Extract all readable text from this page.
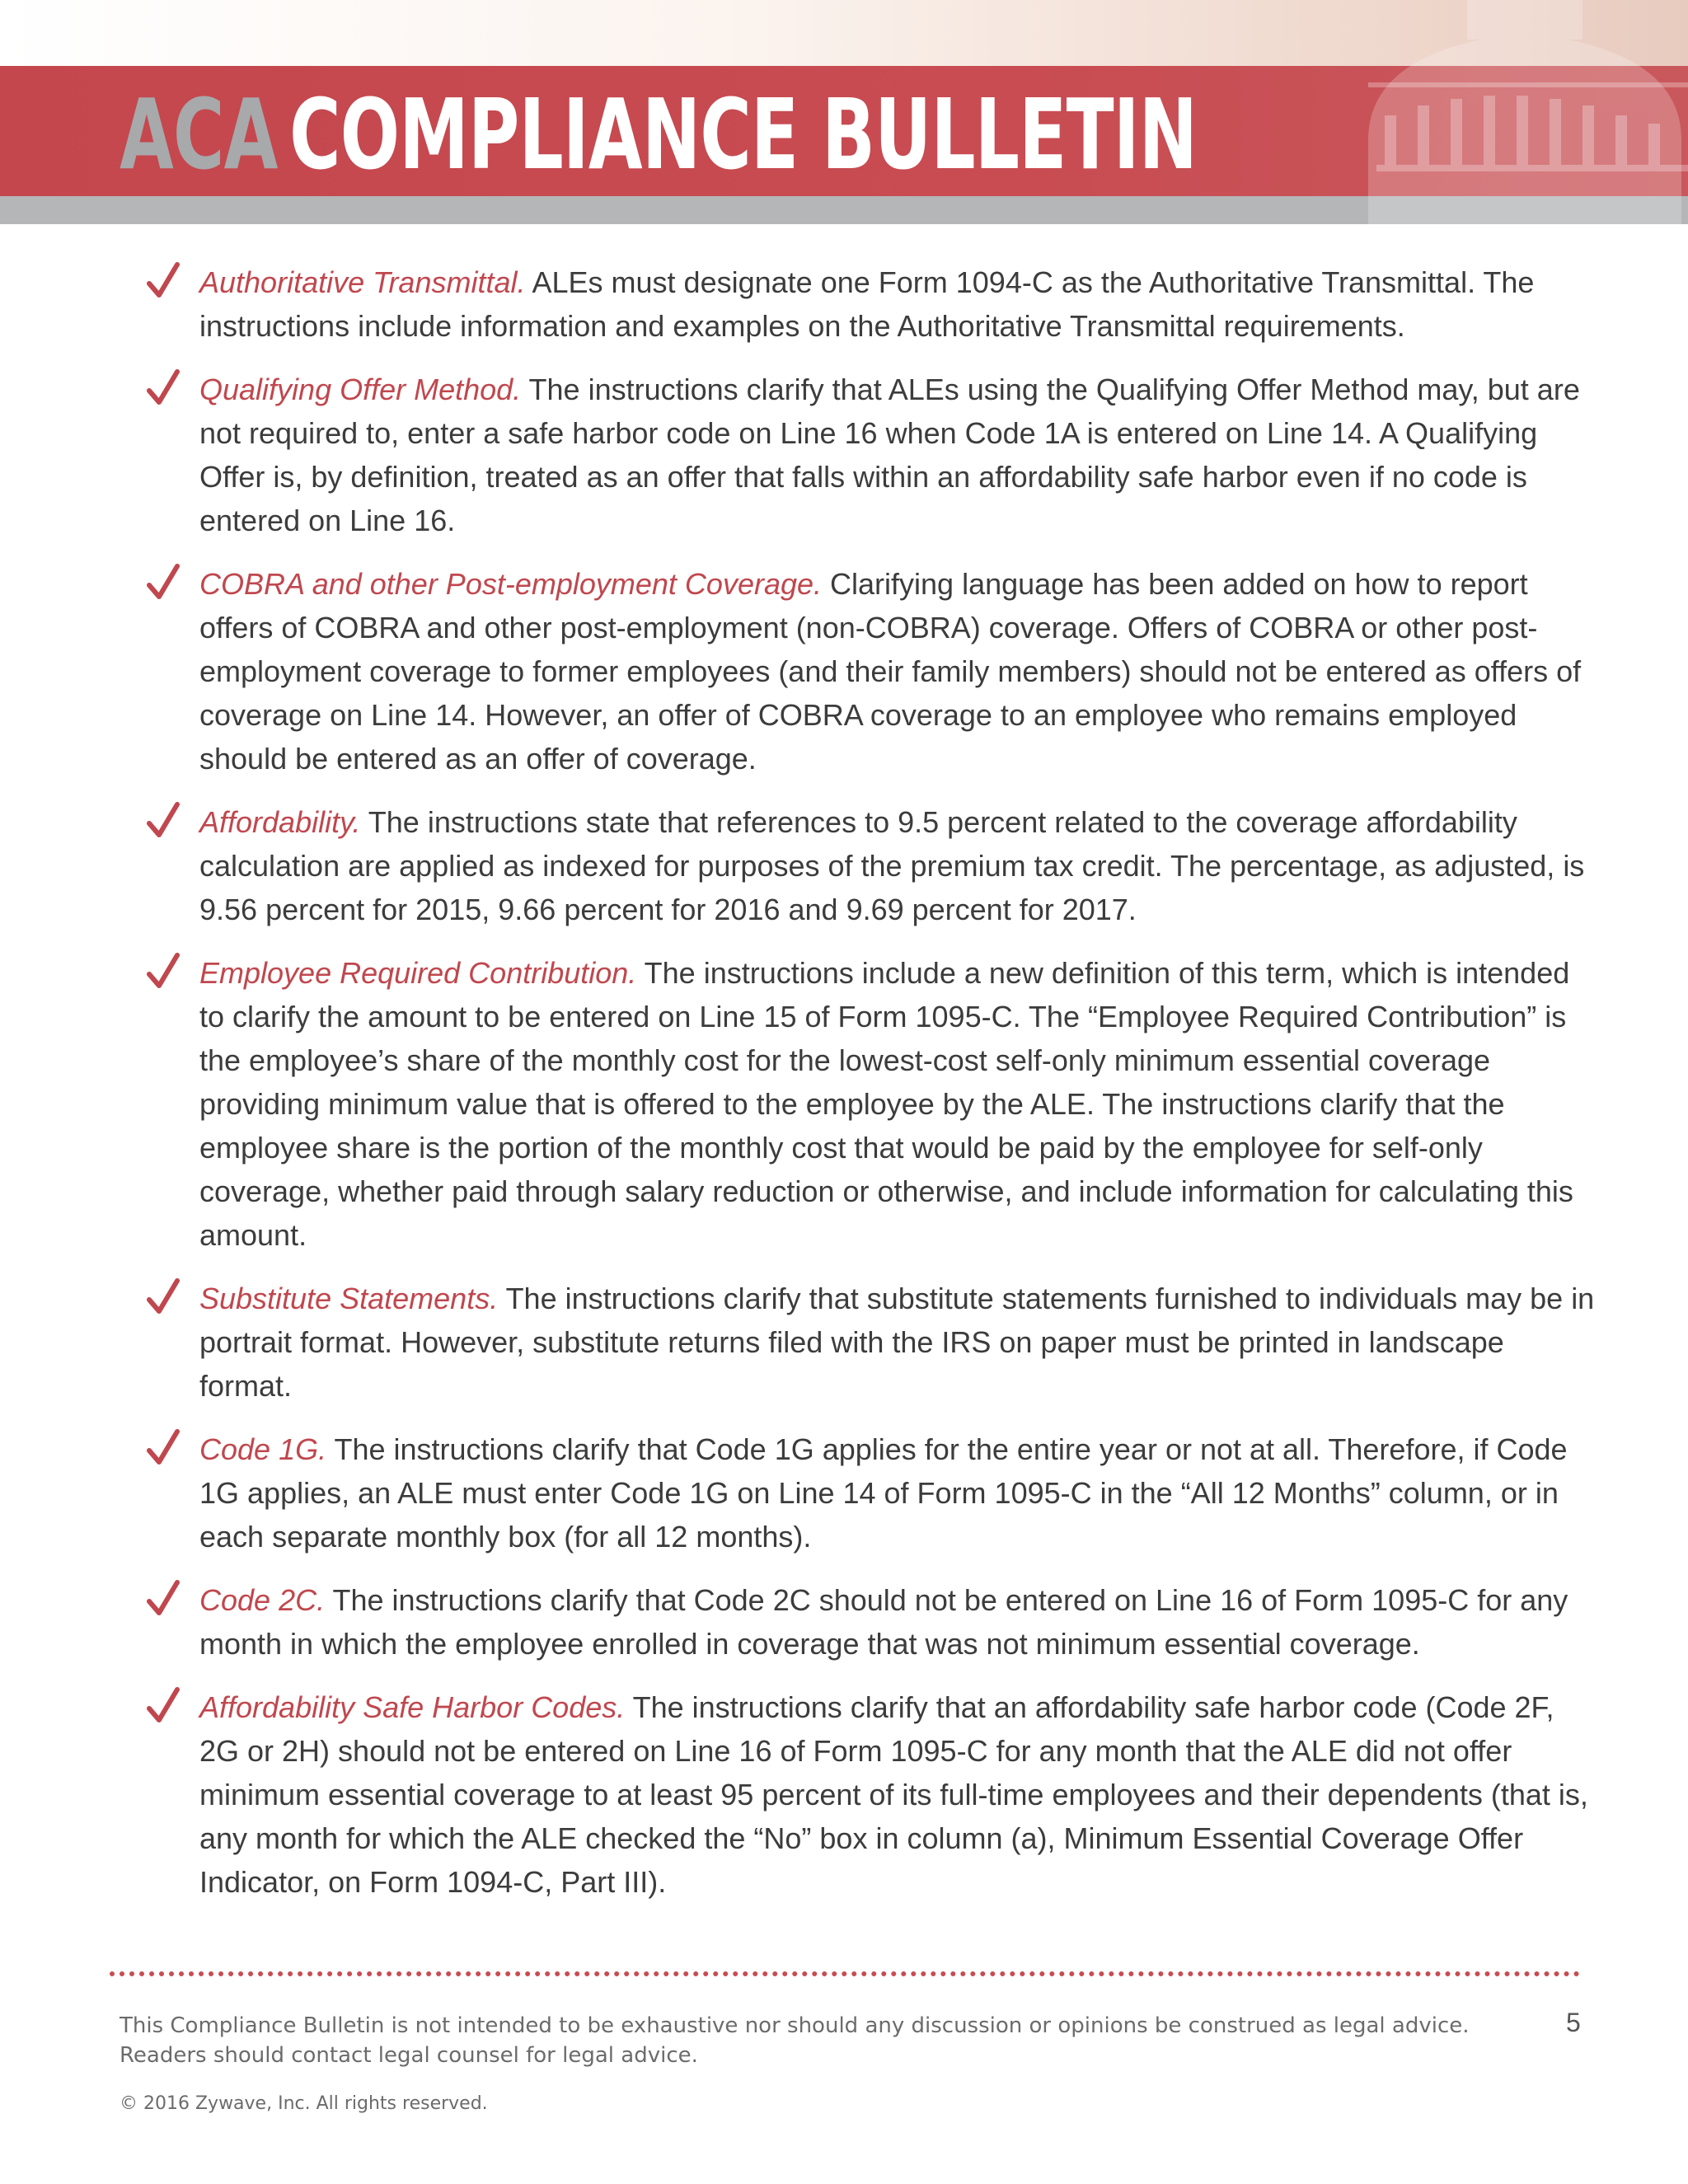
ACA COMPLIANCE BULLETIN

Authoritative Transmittal. ALEs must designate one Form 1094-C as the Authoritative Transmittal. The instructions include information and examples on the Authoritative Transmittal requirements.

Qualifying Offer Method. The instructions clarify that ALEs using the Qualifying Offer Method may, but are not required to, enter a safe harbor code on Line 16 when Code 1A is entered on Line 14. A Qualifying Offer is, by definition, treated as an offer that falls within an affordability safe harbor even if no code is entered on Line 16.

COBRA and other Post-employment Coverage. Clarifying language has been added on how to report offers of COBRA and other post-employment (non-COBRA) coverage. Offers of COBRA or other post-employment coverage to former employees (and their family members) should not be entered as offers of coverage on Line 14. However, an offer of COBRA coverage to an employee who remains employed should be entered as an offer of coverage.

Affordability. The instructions state that references to 9.5 percent related to the coverage affordability calculation are applied as indexed for purposes of the premium tax credit. The percentage, as adjusted, is 9.56 percent for 2015, 9.66 percent for 2016 and 9.69 percent for 2017.

Employee Required Contribution. The instructions include a new definition of this term, which is intended to clarify the amount to be entered on Line 15 of Form 1095-C. The “Employee Required Contribution” is the employee’s share of the monthly cost for the lowest-cost self-only minimum essential coverage providing minimum value that is offered to the employee by the ALE. The instructions clarify that the employee share is the portion of the monthly cost that would be paid by the employee for self-only coverage, whether paid through salary reduction or otherwise, and include information for calculating this amount.

Substitute Statements. The instructions clarify that substitute statements furnished to individuals may be in portrait format. However, substitute returns filed with the IRS on paper must be printed in landscape format.

Code 1G. The instructions clarify that Code 1G applies for the entire year or not at all. Therefore, if Code 1G applies, an ALE must enter Code 1G on Line 14 of Form 1095-C in the “All 12 Months” column, or in each separate monthly box (for all 12 months).

Code 2C. The instructions clarify that Code 2C should not be entered on Line 16 of Form 1095-C for any month in which the employee enrolled in coverage that was not minimum essential coverage.

Affordability Safe Harbor Codes. The instructions clarify that an affordability safe harbor code (Code 2F, 2G or 2H) should not be entered on Line 16 of Form 1095-C for any month that the ALE did not offer minimum essential coverage to at least 95 percent of its full-time employees and their dependents (that is, any month for which the ALE checked the “No” box in column (a), Minimum Essential Coverage Offer Indicator, on Form 1094-C, Part III).

This Compliance Bulletin is not intended to be exhaustive nor should any discussion or opinions be construed as legal advice.
Readers should contact legal counsel for legal advice.
5
© 2016 Zywave, Inc. All rights reserved.
